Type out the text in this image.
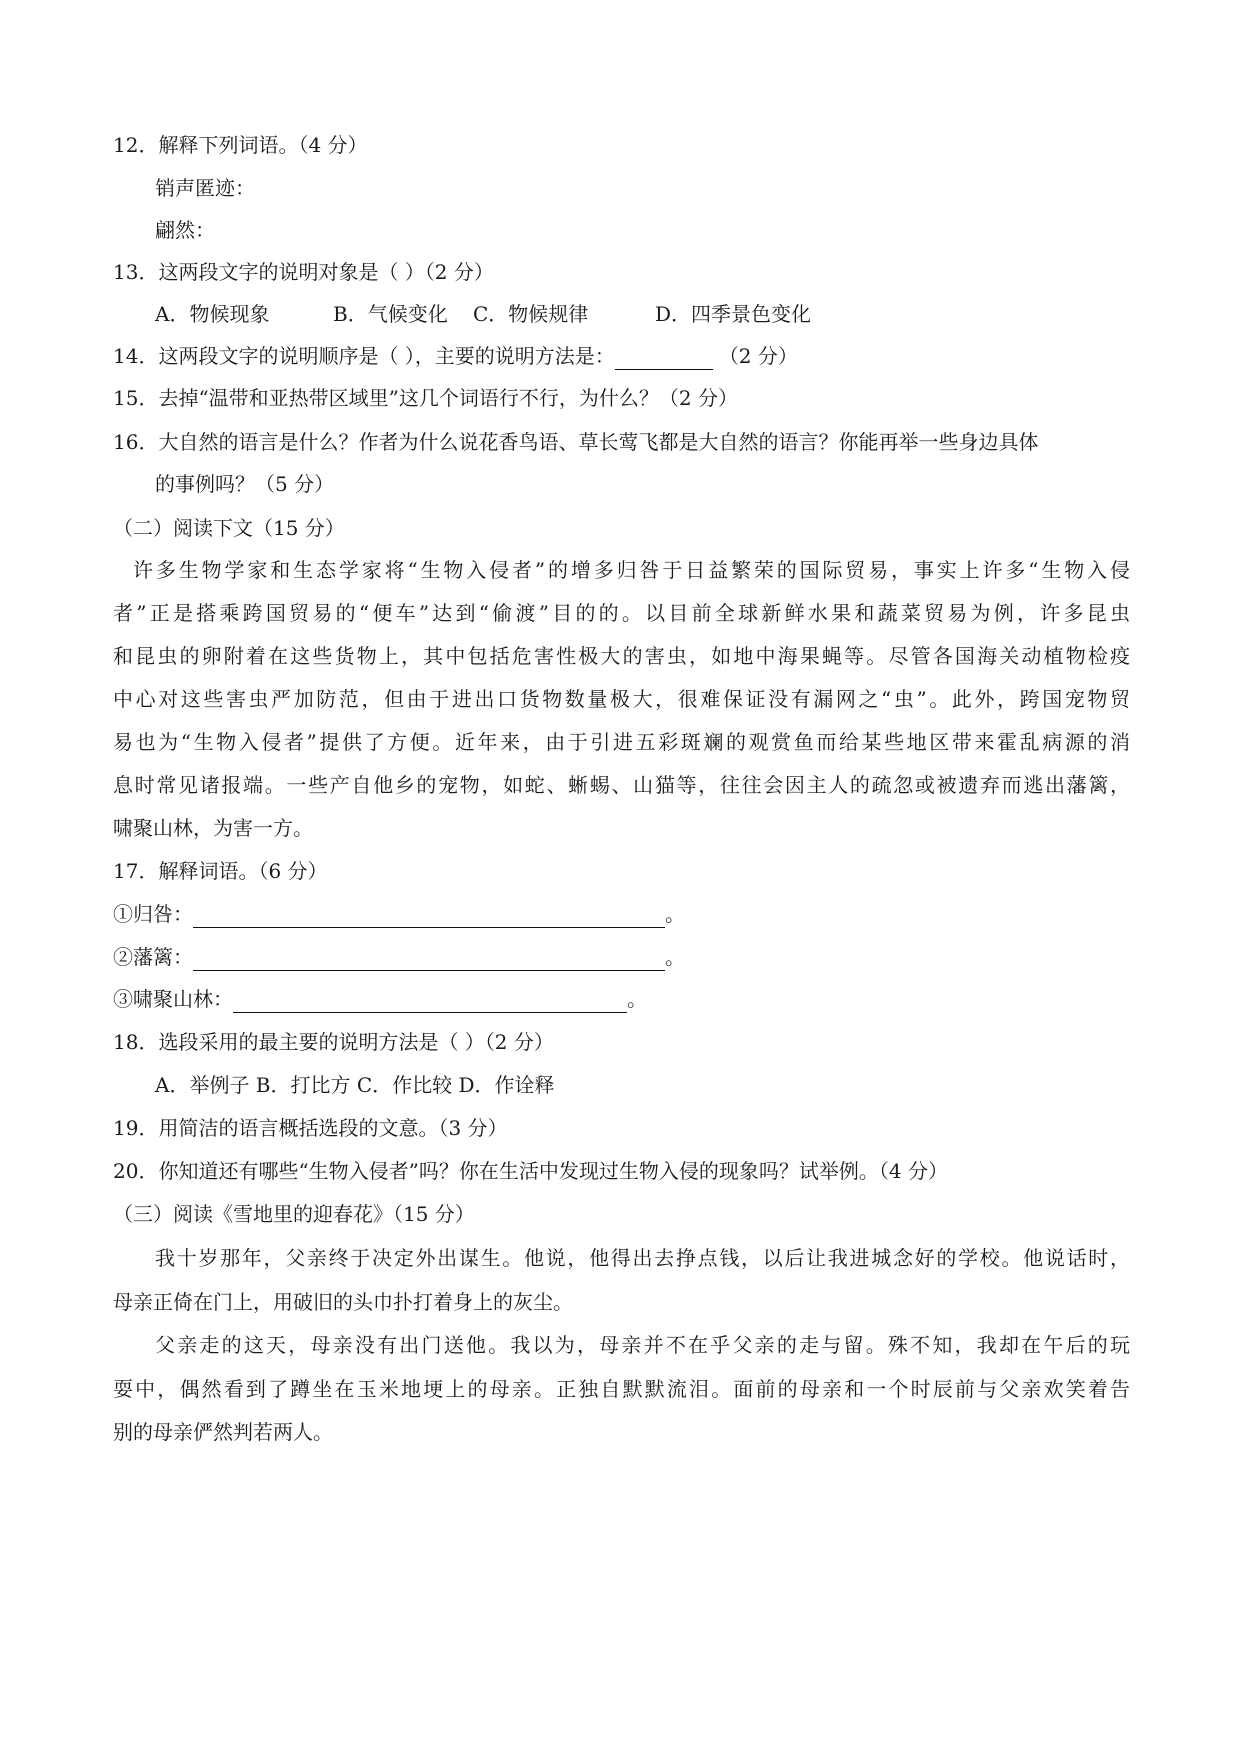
12．解释下列词语。（4 分）
销声匿迹：
翩然：
13．这两段文字的说明对象是（ ）（2 分）
A．物候现象	B．气候变化 C．物候规律	D．四季景色变化
14．这两段文字的说明顺序是（ ），主要的说明方法是：	（2 分）
15．去掉“温带和亚热带区域里”这几个词语行不行，为什么？（2 分）
16．大自然的语言是什么？作者为什么说花香鸟语、草长莺飞都是大自然的语言？你能再举一些身边具体
的事例吗？（5 分）
（二）阅读下文（15 分）
许多生物学家和生态学家将“生物入侵者”的增多归咎于日益繁荣的国际贸易，事实上许多“生物入侵
者”正是搭乘跨国贸易的“便车”达到“偷渡”目的的。以目前全球新鲜水果和蔬菜贸易为例，许多昆虫
和昆虫的卵附着在这些货物上，其中包括危害性极大的害虫，如地中海果蝇等。尽管各国海关动植物检疫
中心对这些害虫严加防范，但由于进出口货物数量极大，很难保证没有漏网之“虫”。此外，跨国宠物贸
易也为“生物入侵者”提供了方便。近年来，由于引进五彩斑斓的观赏鱼而给某些地区带来霍乱病源的消
息时常见诸报端。一些产自他乡的宠物，如蛇、蜥蜴、山猫等，往往会因主人的疏忽或被遗弃而逃出藩篱，
啸聚山林，为害一方。
17．解释词语。（6 分）
①归咎：	。
②藩篱：	。
③啸聚山林：	。
18．选段采用的最主要的说明方法是（ ）（2 分）
A．举例子 B．打比方 C．作比较 D．作诠释
19．用简洁的语言概括选段的文意。（3 分）
20．你知道还有哪些“生物入侵者”吗？你在生活中发现过生物入侵的现象吗？试举例。（4 分）
（三）阅读《雪地里的迎春花》（15 分）
我十岁那年，父亲终于决定外出谋生。他说，他得出去挣点钱，以后让我进城念好的学校。他说话时，
母亲正倚在门上，用破旧的头巾扑打着身上的灰尘。
父亲走的这天，母亲没有出门送他。我以为，母亲并不在乎父亲的走与留。殊不知，我却在午后的玩
耍中，偶然看到了蹲坐在玉米地埂上的母亲。正独自默默流泪。面前的母亲和一个时辰前与父亲欢笑着告
别的母亲俨然判若两人。
